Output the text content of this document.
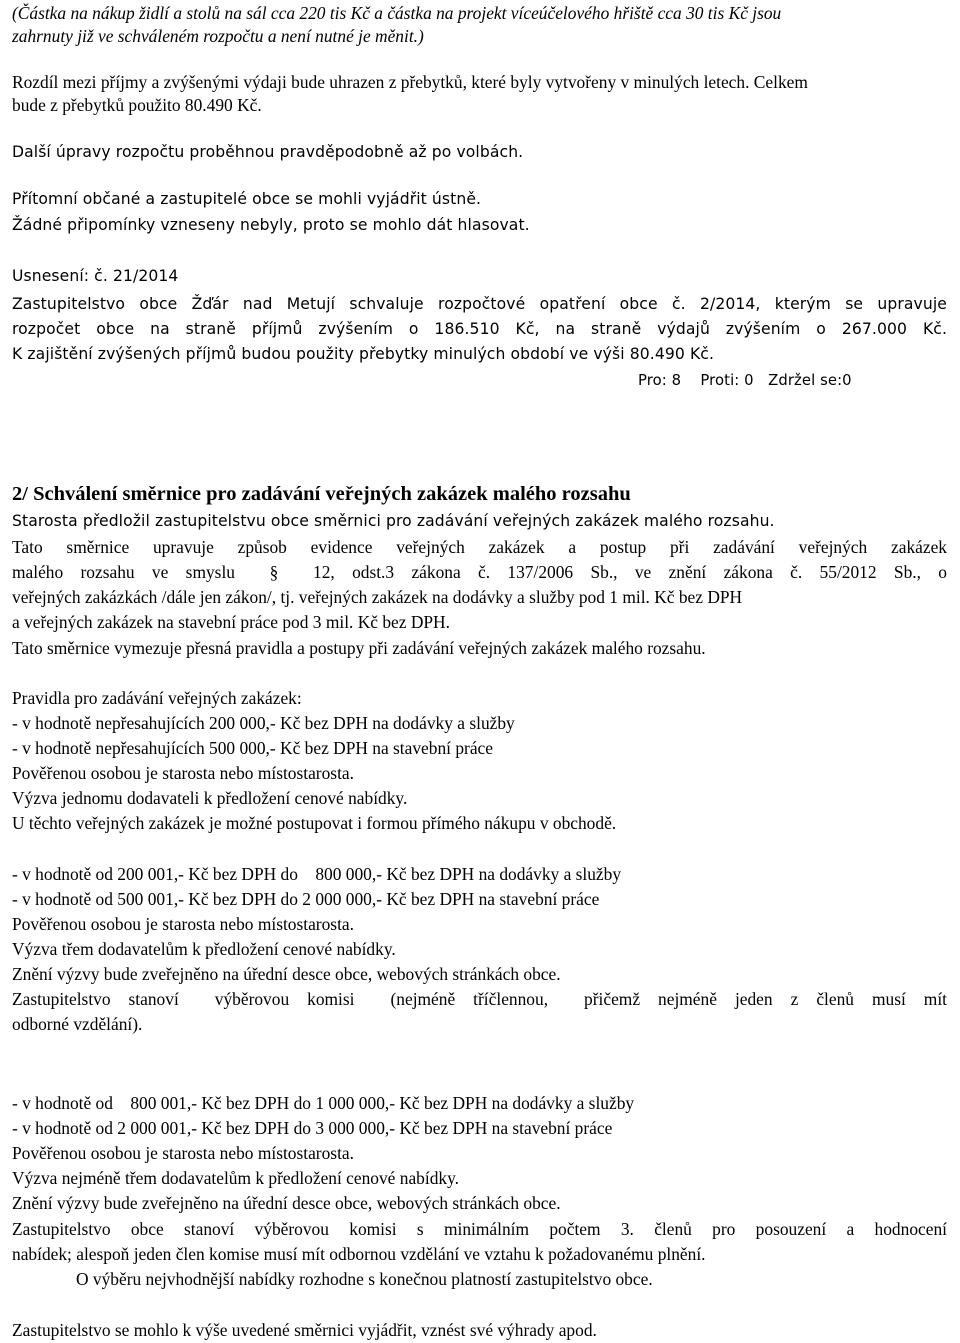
(Částka na nákup židlí a stolů na sál cca 220 tis Kč a částka na projekt víceúčelového hřiště cca 30 tis Kč jsou
zahrnuty již ve schváleném rozpočtu a není nutné je měnit.)
Rozdíl mezi příjmy a zvýšenými výdaji bude uhrazen z přebytků, které byly vytvořeny v minulých letech. Celkem
bude z přebytků použito 80.490 Kč.
Další úpravy rozpočtu proběhnou pravděpodobně až po volbách.
Přítomní občané a zastupitelé obce se mohli vyjádřit ústně.
Žádné připomínky vzneseny nebyly, proto se mohlo dát hlasovat.
Usnesení: č. 21/2014
Zastupitelstvo obce Žďár nad Metují schvaluje rozpočtové opatření obce č. 2/2014, kterým se upravuje
rozpočet obce na straně příjmů zvýšením o 186.510 Kč, na straně výdajů zvýšením o 267.000 Kč.
K zajištění zvýšených příjmů budou použity přebytky minulých období ve výši 80.490 Kč.
Pro: 8    Proti: 0   Zdržel se:0
2/ Schválení směrnice pro zadávání veřejných zakázek malého rozsahu
Starosta předložil zastupitelstvu obce směrnici pro zadávání veřejných zakázek malého rozsahu.
Tato směrnice upravuje způsob evidence veřejných zakázek a postup při zadávání veřejných zakázek
malého rozsahu ve smyslu  §  12, odst.3 zákona č. 137/2006 Sb., ve znění zákona č. 55/2012 Sb., o
veřejných zakázkách /dále jen zákon/, tj. veřejných zakázek na dodávky a služby pod 1 mil. Kč bez DPH
a veřejných zakázek na stavební práce pod 3 mil. Kč bez DPH.
Tato směrnice vymezuje přesná pravidla a postupy při zadávání veřejných zakázek malého rozsahu.
Pravidla pro zadávání veřejných zakázek:
- v hodnotě nepřesahujících 200 000,- Kč bez DPH na dodávky a služby
- v hodnotě nepřesahujících 500 000,- Kč bez DPH na stavební práce
Pověřenou osobou je starosta nebo místostarosta.
Výzva jednomu dodavateli k předložení cenové nabídky.
U těchto veřejných zakázek je možné postupovat i formou přímého nákupu v obchodě.
- v hodnotě od 200 001,- Kč bez DPH do    800 000,- Kč bez DPH na dodávky a služby
- v hodnotě od 500 001,- Kč bez DPH do 2 000 000,- Kč bez DPH na stavební práce
Pověřenou osobou je starosta nebo místostarosta.
Výzva třem dodavatelům k předložení cenové nabídky.
Znění výzvy bude zveřejněno na úřední desce obce, webových stránkách obce.
Zastupitelstvo stanoví  výběrovou komisi  (nejméně tříčlennou,  přičemž nejméně jeden z členů musí mít
odborné vzdělání).
- v hodnotě od    800 001,- Kč bez DPH do 1 000 000,- Kč bez DPH na dodávky a služby
- v hodnotě od 2 000 001,- Kč bez DPH do 3 000 000,- Kč bez DPH na stavební práce
Pověřenou osobou je starosta nebo místostarosta.
Výzva nejméně třem dodavatelům k předložení cenové nabídky.
Znění výzvy bude zveřejněno na úřední desce obce, webových stránkách obce.
Zastupitelstvo obce stanoví výběrovou komisi s minimálním počtem 3. členů pro posouzení a hodnocení
nabídek; alespoň jeden člen komise musí mít odbornou vzdělání ve vztahu k požadovanému plnění.
O výběru nejvhodnější nabídky rozhodne s konečnou platností zastupitelstvo obce.
Zastupitelstvo se mohlo k výše uvedené směrnici vyjádřit, vznést své výhrady apod.
